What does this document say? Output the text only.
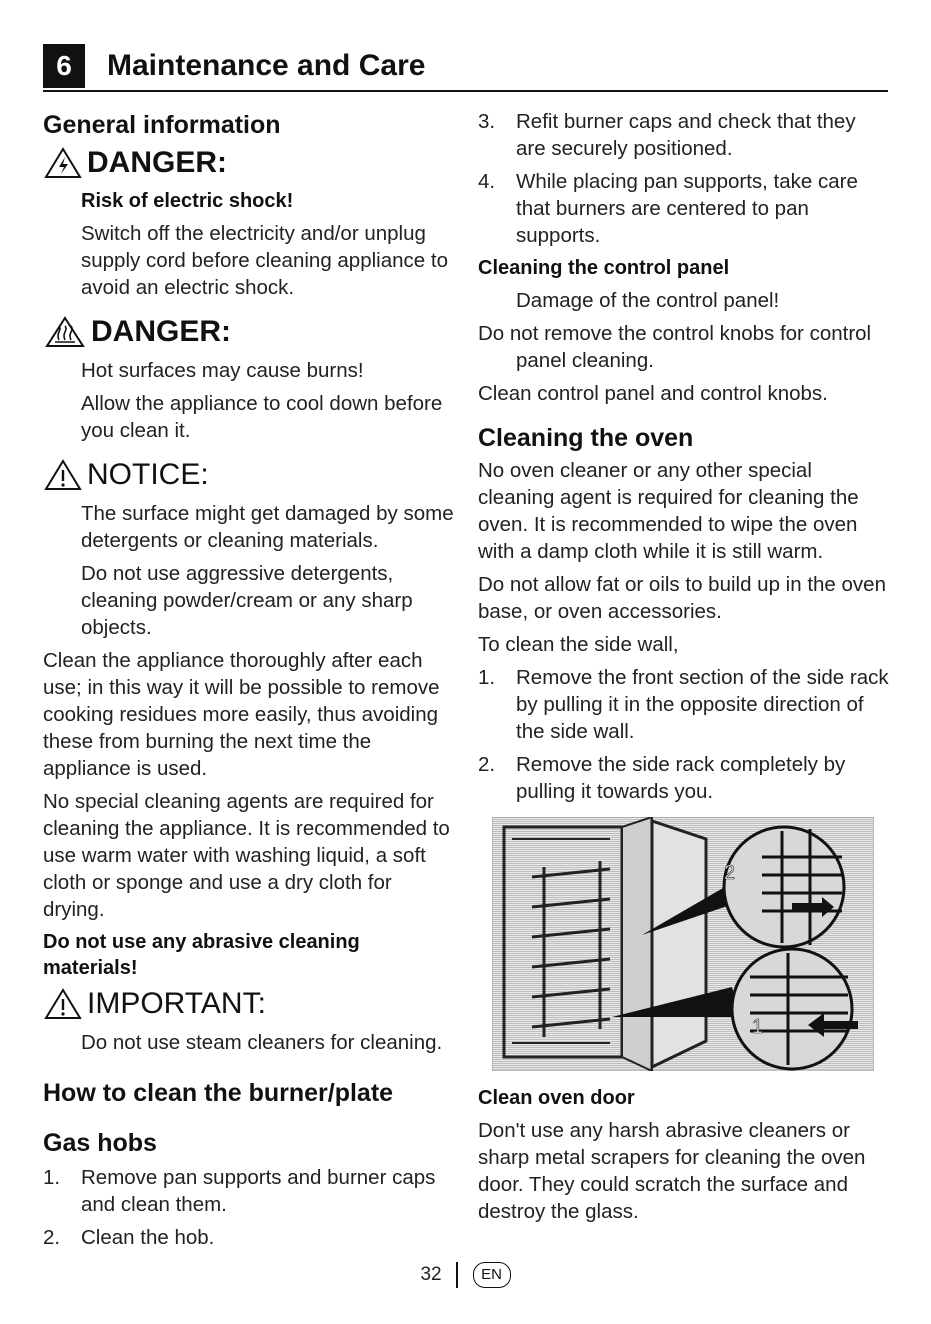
6	Maintenance and Care
General information
DANGER:
Risk of electric shock!
Switch off the electricity and/or unplug supply cord before cleaning appliance to avoid an electric shock.
DANGER:
Hot surfaces may cause burns!
Allow the appliance to cool down before you clean it.
NOTICE:
The surface might get damaged by some detergents or cleaning materials.
Do not use aggressive detergents, cleaning powder/cream or any sharp objects.
Clean the appliance thoroughly after each use; in this way it will be possible to remove cooking residues more easily, thus avoiding these from burning the next time the appliance is used.
No special cleaning agents are required for cleaning the appliance. It is recommended to use warm water with washing liquid, a soft cloth or sponge and use a dry cloth for drying.
Do not use any abrasive cleaning materials!
IMPORTANT:
Do not use steam cleaners for cleaning.
How to clean the burner/plate
Gas hobs
1.	Remove pan supports and burner caps and clean them.
2.	Clean the hob.
3.	Refit burner caps and check that they are securely positioned.
4.	While placing pan supports, take care that burners are centered to pan supports.
Cleaning the control panel
Damage of the control panel!
Do not remove the control knobs for control panel cleaning.
Clean control panel and control knobs.
Cleaning the oven
No oven cleaner or any other special cleaning agent is required for cleaning the oven. It is recommended to wipe the oven with a damp cloth while it is still warm.
Do not allow fat or oils to build up in the oven base, or oven accessories.
To clean the side wall,
1.	Remove the front section of the side rack by pulling it in the opposite direction of the side wall.
2.	Remove the side rack completely by pulling it towards you.
2
1
Clean oven door
Don't use any harsh abrasive cleaners or sharp metal scrapers for cleaning the oven door. They could scratch the surface and destroy the glass.
32	EN
